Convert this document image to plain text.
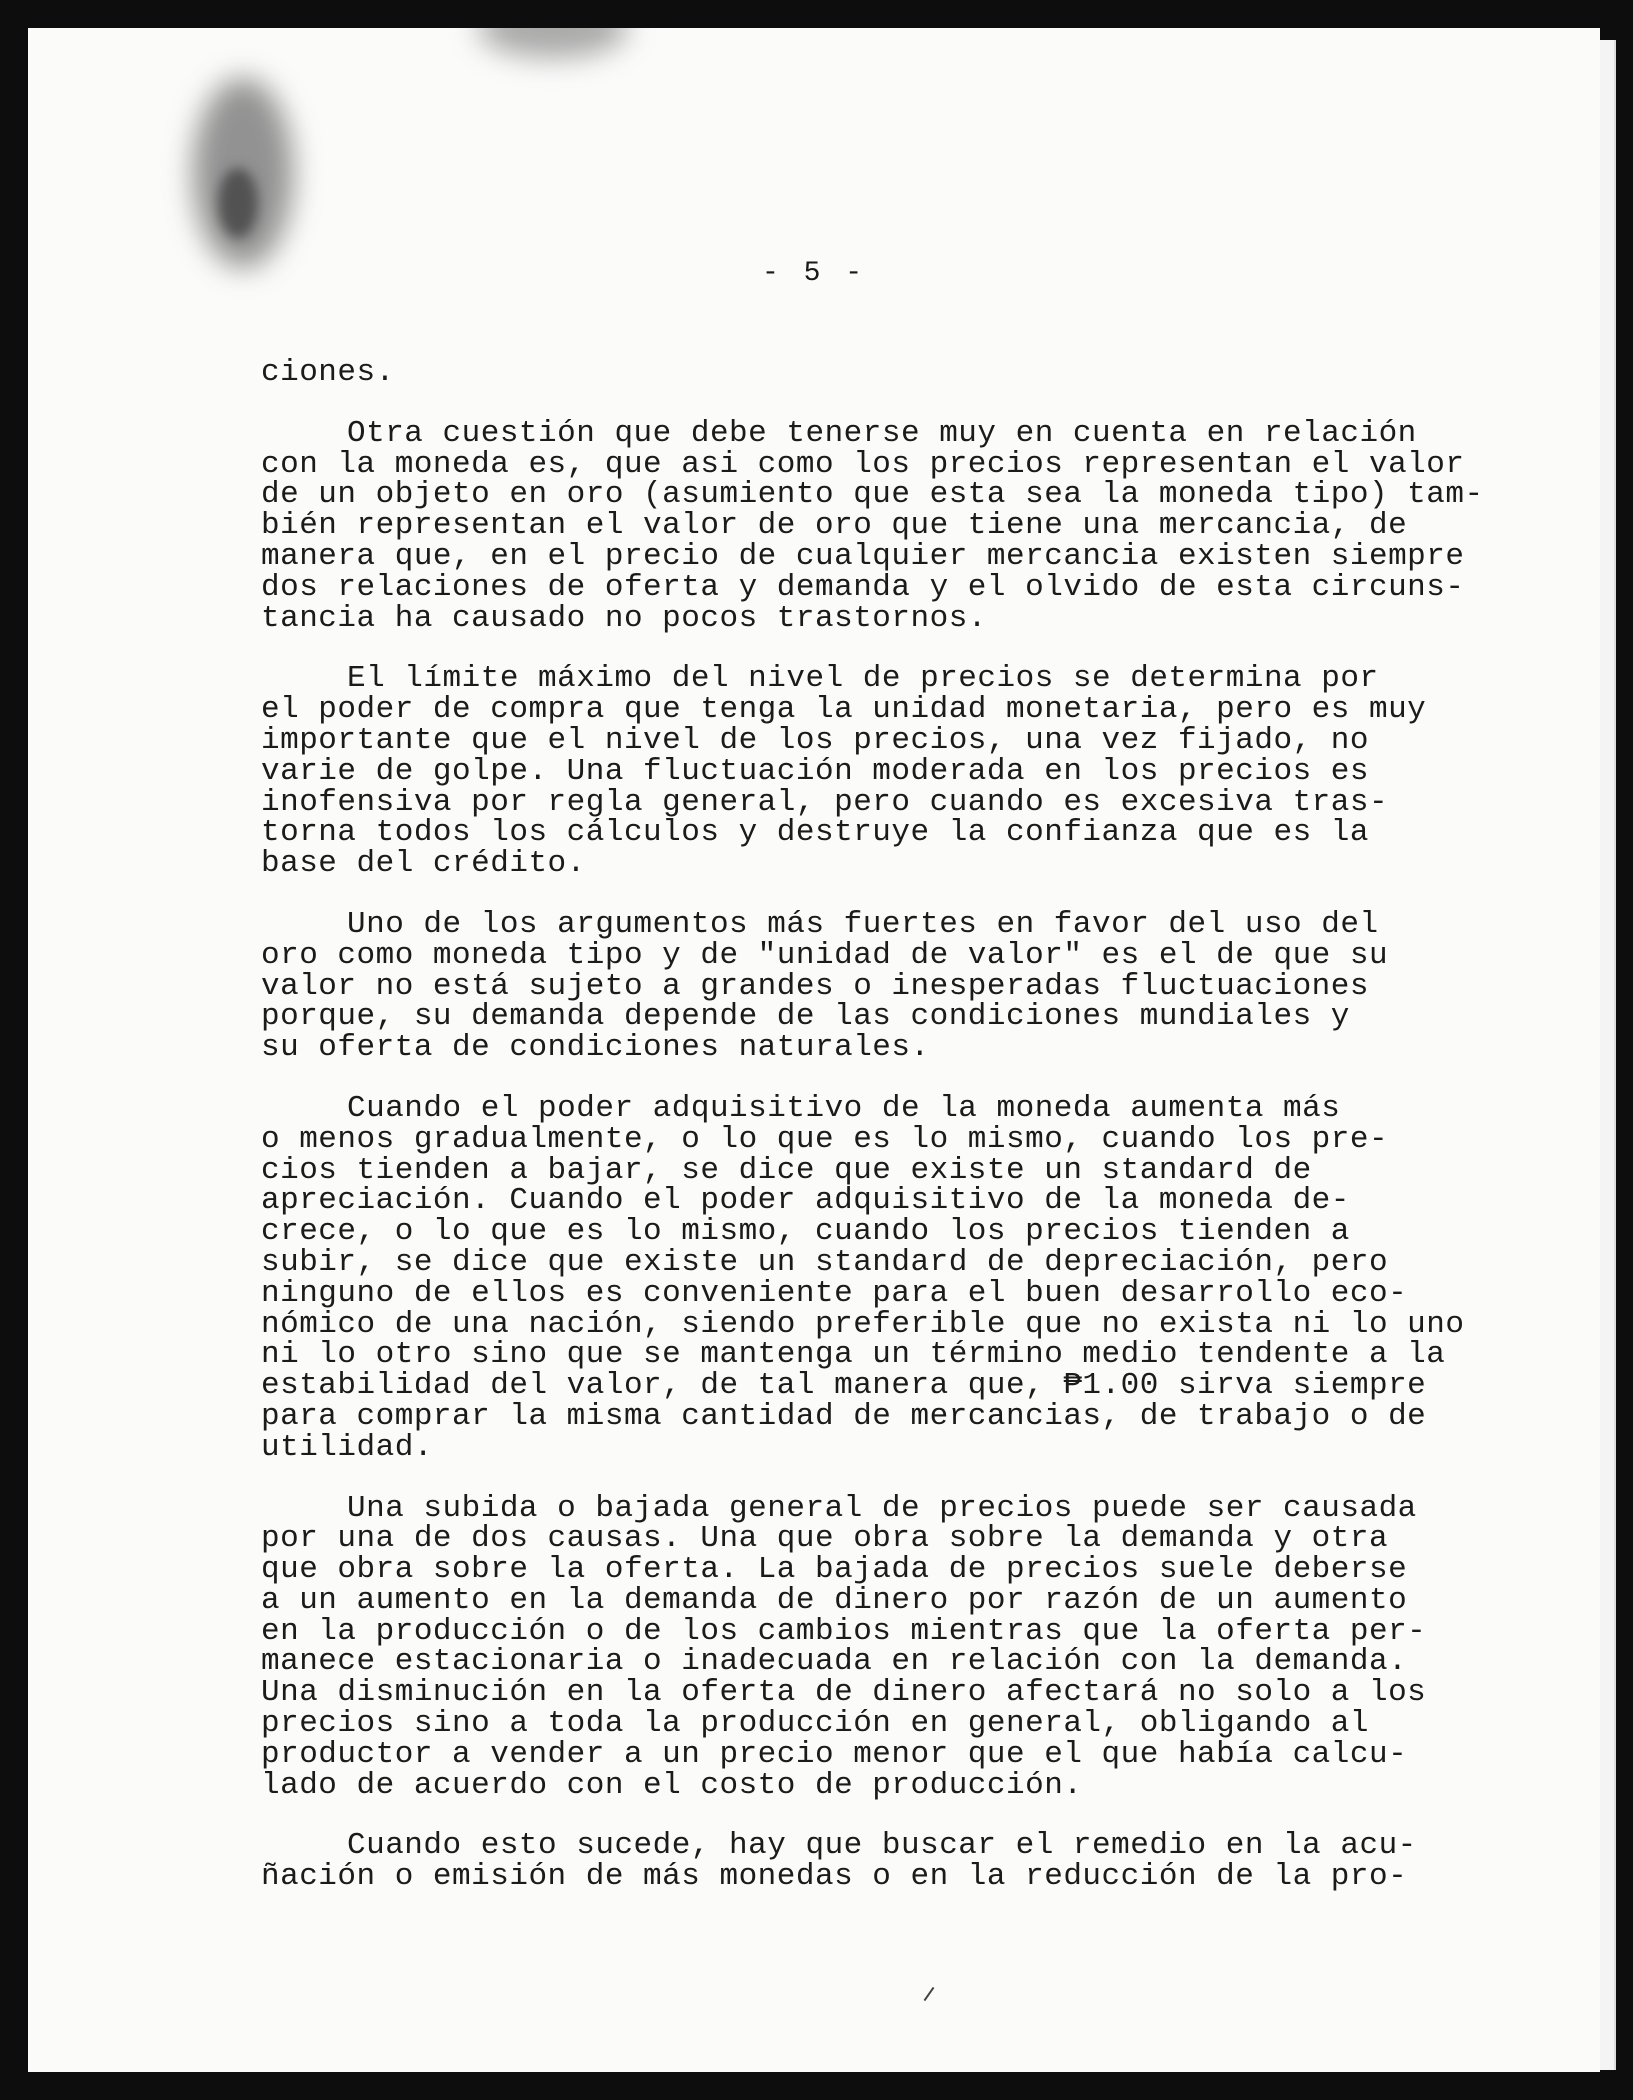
- 5 -
ciones.
Otra cuestión que debe tenerse muy en cuenta en relación
con la moneda es, que asi como los precios representan el valor
de un objeto en oro (asumiento que esta sea la moneda tipo) tam-
bién representan el valor de oro que tiene una mercancia, de
manera que, en el precio de cualquier mercancia existen siempre
dos relaciones de oferta y demanda y el olvido de esta circuns-
tancia ha causado no pocos trastornos.
El límite máximo del nivel de precios se determina por
el poder de compra que tenga la unidad monetaria, pero es muy
importante que el nivel de los precios, una vez fijado, no
varie de golpe. Una fluctuación moderada en los precios es
inofensiva por regla general, pero cuando es excesiva tras-
torna todos los cálculos y destruye la confianza que es la
base del crédito.
Uno de los argumentos más fuertes en favor del uso del
oro como moneda tipo y de "unidad de valor" es el de que su
valor no está sujeto a grandes o inesperadas fluctuaciones
porque, su demanda depende de las condiciones mundiales y
su oferta de condiciones naturales.
Cuando el poder adquisitivo de la moneda aumenta más
o menos gradualmente, o lo que es lo mismo, cuando los pre-
cios tienden a bajar, se dice que existe un standard de
apreciación. Cuando el poder adquisitivo de la moneda de-
crece, o lo que es lo mismo, cuando los precios tienden a
subir, se dice que existe un standard de depreciación, pero
ninguno de ellos es conveniente para el buen desarrollo eco-
nómico de una nación, siendo preferible que no exista ni lo uno
ni lo otro sino que se mantenga un término medio tendente a la
estabilidad del valor, de tal manera que, ₱1.00 sirva siempre
para comprar la misma cantidad de mercancias, de trabajo o de
utilidad.
Una subida o bajada general de precios puede ser causada
por una de dos causas. Una que obra sobre la demanda y otra
que obra sobre la oferta. La bajada de precios suele deberse
a un aumento en la demanda de dinero por razón de un aumento
en la producción o de los cambios mientras que la oferta per-
manece estacionaria o inadecuada en relación con la demanda.
Una disminución en la oferta de dinero afectará no solo a los
precios sino a toda la producción en general, obligando al
productor a vender a un precio menor que el que había calcu-
lado de acuerdo con el costo de producción.
Cuando esto sucede, hay que buscar el remedio en la acu-
ñación o emisión de más monedas o en la reducción de la pro-
